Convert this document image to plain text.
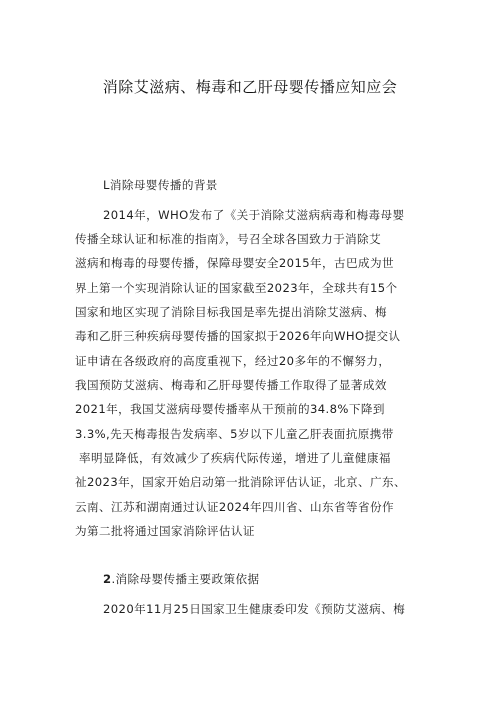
消除艾滋病、梅毒和乙肝母婴传播应知应会
L消除母婴传播的背景
2014年，WHO发布了《关于消除艾滋病病毒和梅毒母婴
传播全球认证和标准的指南》，号召全球各国致力于消除艾
滋病和梅毒的母婴传播，保障母婴安全2015年，古巴成为世
界上第一个实现消除认证的国家截至2023年，全球共有15个
国家和地区实现了消除目标我国是率先提出消除艾滋病、梅
毒和乙肝三种疾病母婴传播的国家拟于2026年向WHO提交认
证申请在各级政府的高度重视下，经过20多年的不懈努力，
我国预防艾滋病、梅毒和乙肝母婴传播工作取得了显著成效
2021年，我国艾滋病母婴传播率从干预前的34.8%下降到
3.3%,先天梅毒报告发病率、5岁以下儿童乙肝表面抗原携带
率明显降低，有效减少了疾病代际传递，增进了儿童健康福
祉2023年，国家开始启动第一批消除评估认证，北京、广东、
云南、江苏和湖南通过认证2024年四川省、山东省等省份作
为第二批将通过国家消除评估认证
2.消除母婴传播主要政策依据
2020年11月25日国家卫生健康委印发《预防艾滋病、梅
